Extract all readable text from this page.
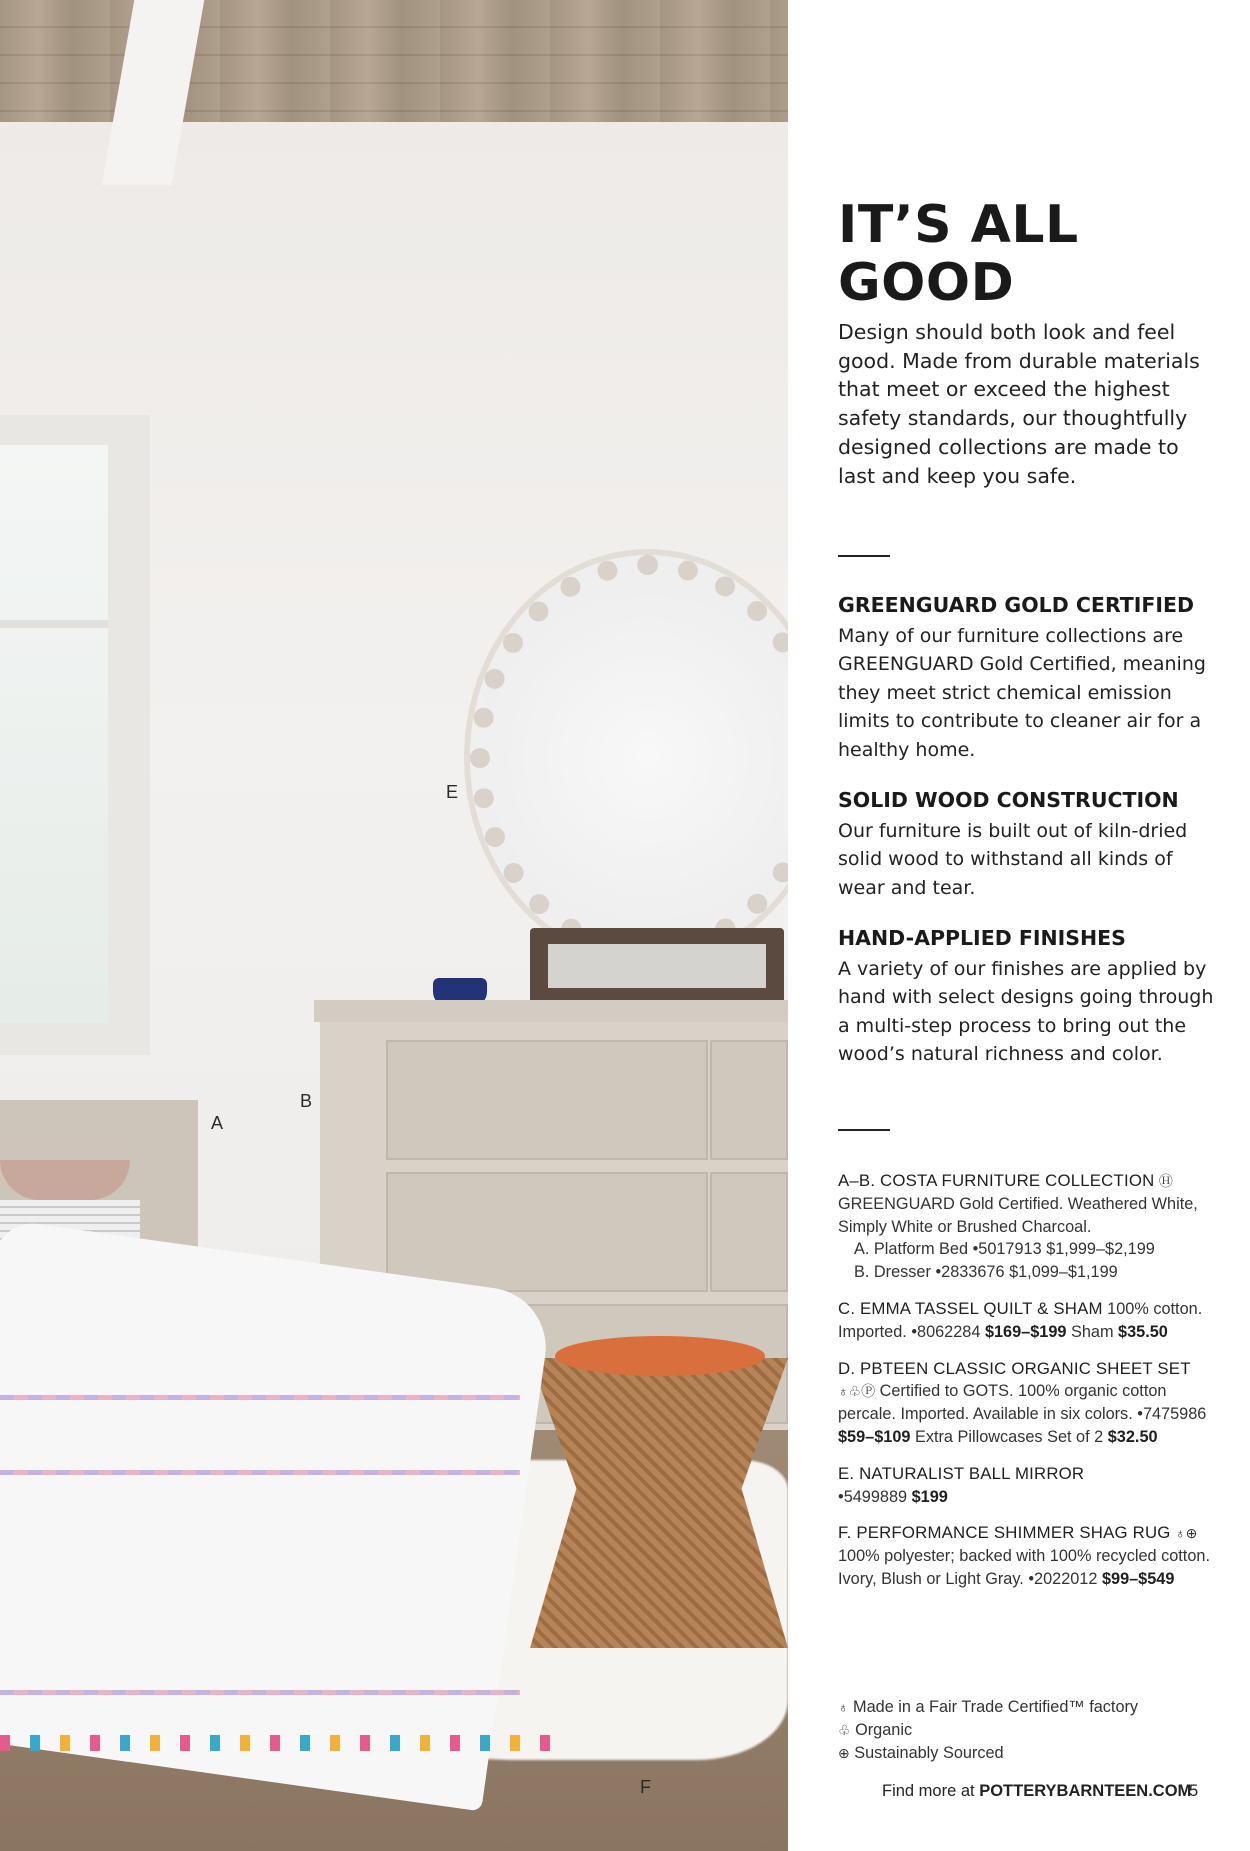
A
B
E
F
IT’S ALL GOOD

Design should both look and feel good. Made from durable materials that meet or exceed the highest safety standards, our thoughtfully designed collections are made to last and keep you safe.

GREENGUARD GOLD CERTIFIED

Many of our furniture collections are GREENGUARD Gold Certified, meaning they meet strict chemical emission limits to contribute to cleaner air for a healthy home.

SOLID WOOD CONSTRUCTION

Our furniture is built out of kiln-dried solid wood to withstand all kinds of wear and tear.

HAND-APPLIED FINISHES

A variety of our finishes are applied by hand with select designs going through a multi-step process to bring out the wood’s natural richness and color.

A–B. COSTA FURNITURE COLLECTION Ⓗ GREENGUARD Gold Certified. Weathered White, Simply White or Brushed Charcoal.

A. Platform Bed •5017913 $1,999–$2,199

B. Dresser •2833676 $1,099–$1,199

C. EMMA TASSEL QUILT & SHAM 100% cotton. Imported. •8062284 $169–$199 Sham $35.50

D. PBTEEN CLASSIC ORGANIC SHEET SET ♁♧Ⓟ Certified to GOTS. 100% organic cotton percale. Imported. Available in six colors. •7475986 $59–$109 Extra Pillowcases Set of 2 $32.50

E. NATURALIST BALL MIRROR
•5499889 $199

F. PERFORMANCE SHIMMER SHAG RUG ♁⊕ 100% polyester; backed with 100% recycled cotton. Ivory, Blush or Light Gray. •2022012 $99–$549

♁ Made in a Fair Trade Certified™ factory
♧ Organic
⊕ Sustainably Sourced
Find more at POTTERYBARNTEEN.COM
5
